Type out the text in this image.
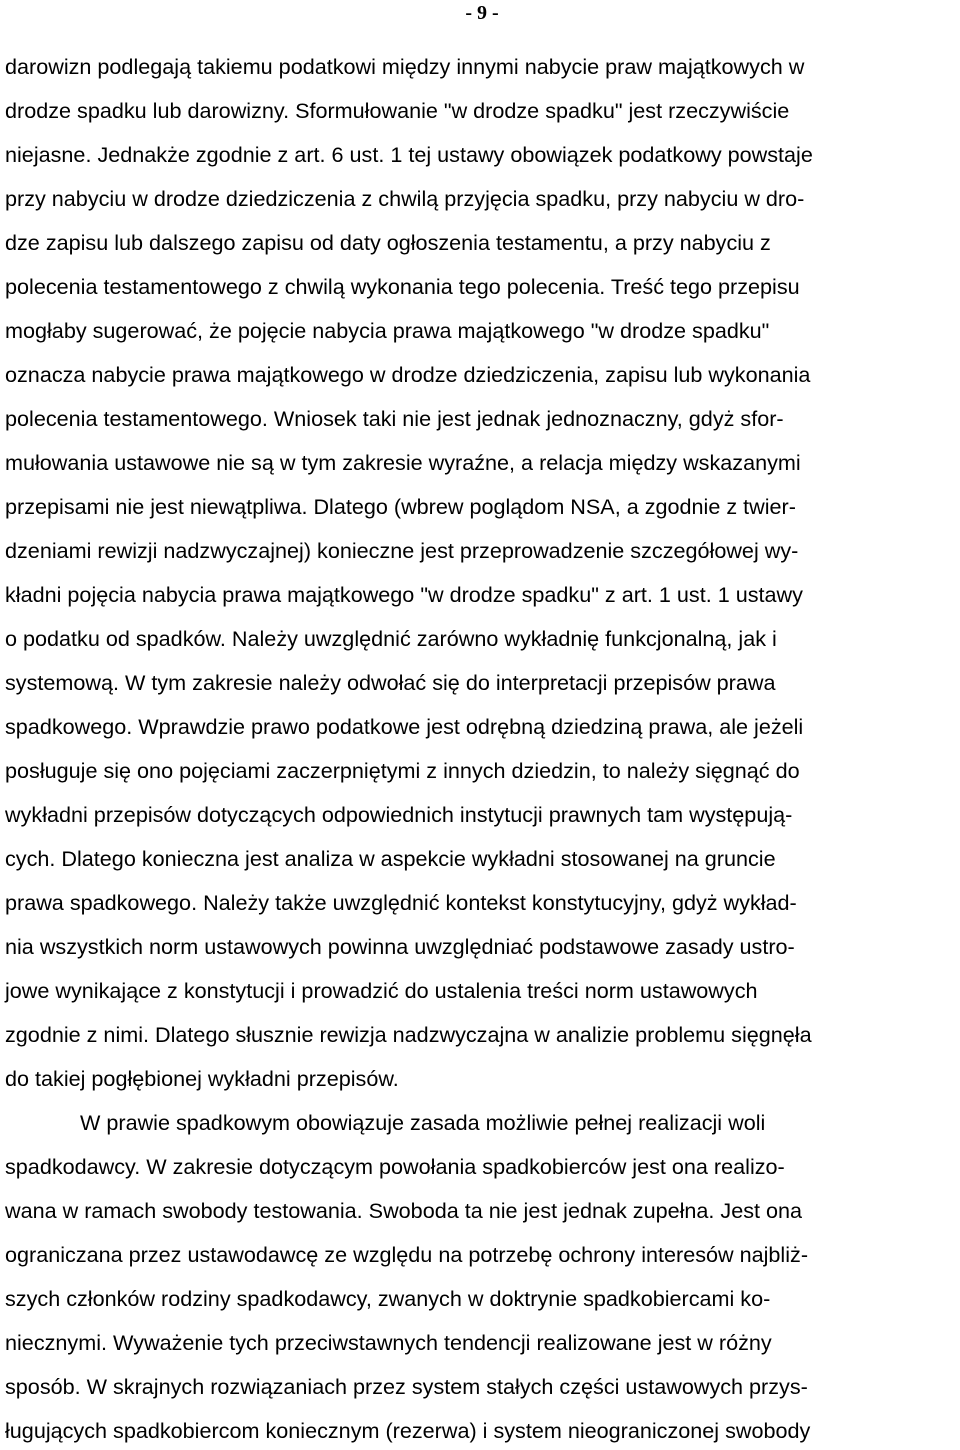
- 9 -
darowizn podlegają takiemu podatkowi między innymi nabycie praw majątkowych w
drodze spadku lub darowizny. Sformułowanie "w drodze spadku" jest rzeczywiście
niejasne. Jednakże zgodnie z art. 6 ust. 1 tej ustawy obowiązek podatkowy powstaje
przy nabyciu w drodze dziedziczenia z chwilą przyjęcia spadku, przy nabyciu w dro-
dze zapisu lub dalszego zapisu od daty ogłoszenia testamentu, a przy nabyciu z
polecenia testamentowego z chwilą wykonania tego polecenia. Treść tego przepisu
mogłaby sugerować, że pojęcie nabycia prawa majątkowego "w drodze spadku"
oznacza nabycie prawa majątkowego w drodze dziedziczenia, zapisu lub wykonania
polecenia testamentowego. Wniosek taki nie jest jednak jednoznaczny, gdyż sfor-
mułowania ustawowe nie są w tym zakresie wyraźne, a relacja między wskazanymi
przepisami nie jest niewątpliwa. Dlatego (wbrew poglądom NSA, a zgodnie z twier-
dzeniami rewizji nadzwyczajnej) konieczne jest przeprowadzenie szczegółowej wy-
kładni pojęcia nabycia prawa majątkowego "w drodze spadku" z art. 1 ust. 1 ustawy
o podatku od spadków. Należy uwzględnić zarówno wykładnię funkcjonalną, jak i
systemową. W tym zakresie należy odwołać się do interpretacji przepisów prawa
spadkowego. Wprawdzie prawo podatkowe jest odrębną dziedziną prawa, ale jeżeli
posługuje się ono pojęciami zaczerpniętymi z innych dziedzin, to należy sięgnąć do
wykładni przepisów dotyczących odpowiednich instytucji prawnych tam występują-
cych. Dlatego konieczna jest analiza w aspekcie wykładni stosowanej na gruncie
prawa spadkowego. Należy także uwzględnić kontekst konstytucyjny, gdyż wykład-
nia wszystkich norm ustawowych powinna uwzględniać podstawowe zasady ustro-
jowe wynikające z konstytucji i prowadzić do ustalenia treści norm ustawowych
zgodnie z nimi. Dlatego słusznie rewizja nadzwyczajna w analizie problemu sięgnęła
do takiej pogłębionej wykładni przepisów.
W prawie spadkowym obowiązuje zasada możliwie pełnej realizacji woli
spadkodawcy. W zakresie dotyczącym powołania spadkobierców jest ona realizo-
wana w ramach swobody testowania. Swoboda ta nie jest jednak zupełna. Jest ona
ograniczana przez ustawodawcę ze względu na potrzebę ochrony interesów najbliż-
szych członków rodziny spadkodawcy, zwanych w doktrynie spadkobiercami ko-
niecznymi. Wyważenie tych przeciwstawnych tendencji realizowane jest w różny
sposób. W skrajnych rozwiązaniach przez system stałych części ustawowych przys-
ługujących spadkobiercom koniecznym (rezerwa) i system nieograniczonej swobody
